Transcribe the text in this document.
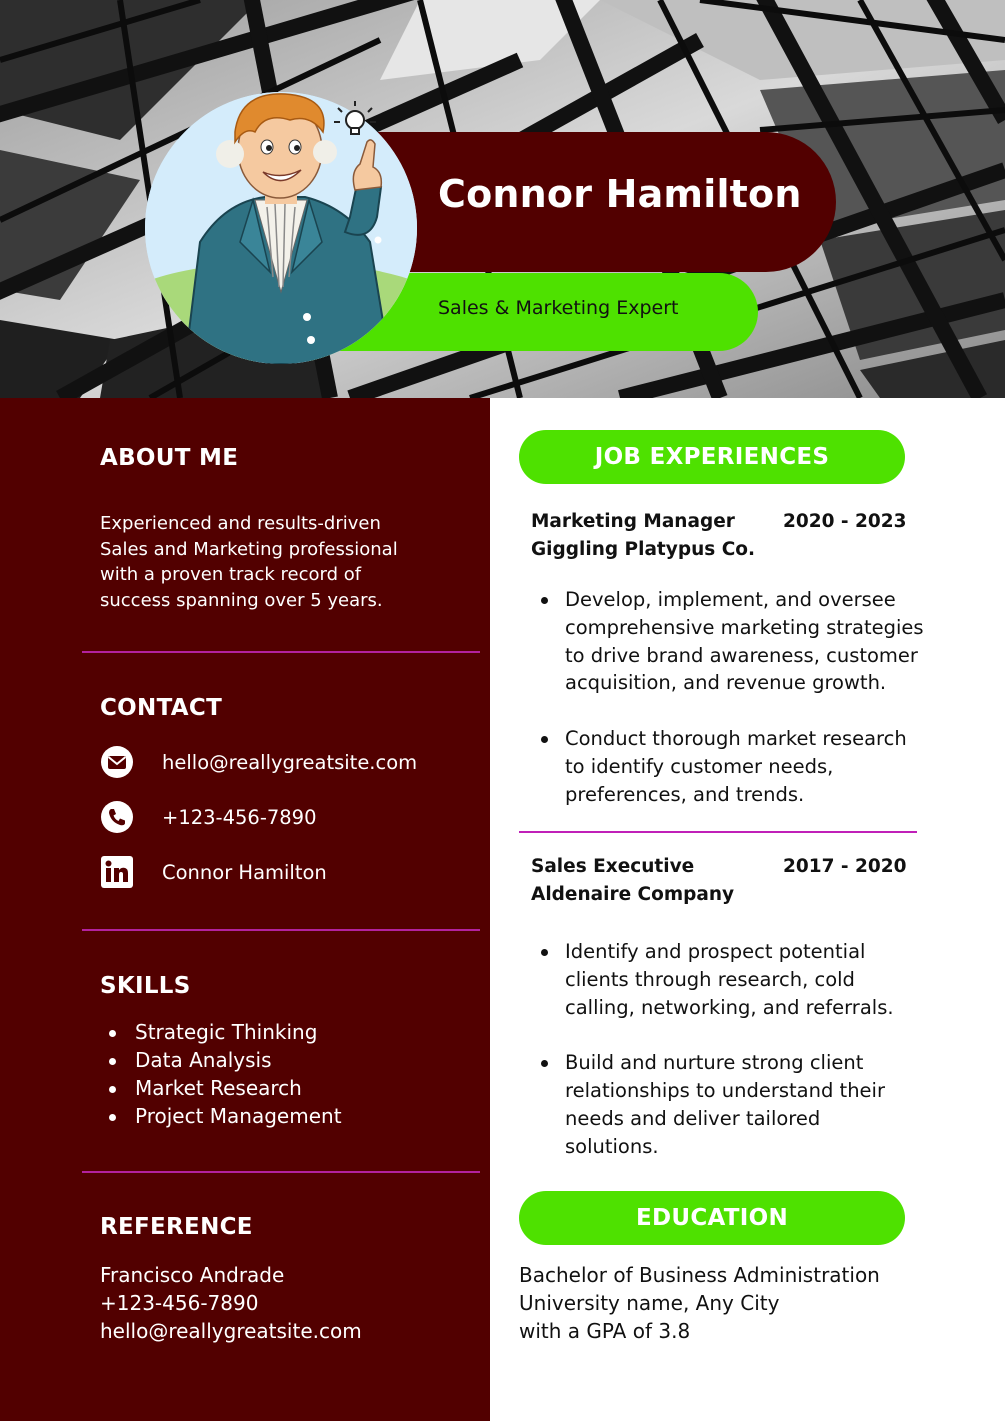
Connor Hamilton
Sales & Marketing Expert
ABOUT ME
Experienced and results-driven
Sales and Marketing professional
with a proven track record of
success spanning over 5 years.
CONTACT
hello@reallygreatsite.com
+123-456-7890
Connor Hamilton
SKILLS
Strategic Thinking
Data Analysis
Market Research
Project Management
REFERENCE
Francisco Andrade
+123-456-7890
hello@reallygreatsite.com
JOB EXPERIENCES
Marketing Manager
Giggling Platypus Co.
2020 - 2023
Develop, implement, and oversee
comprehensive marketing strategies
to drive brand awareness, customer
acquisition, and revenue growth.
Conduct thorough market research
to identify customer needs,
preferences, and trends.
Sales Executive
Aldenaire Company
2017 - 2020
Identify and prospect potential
clients through research, cold
calling, networking, and referrals.
Build and nurture strong client
relationships to understand their
needs and deliver tailored
solutions.
EDUCATION
Bachelor of Business Administration
University name, Any City
with a GPA of 3.8
